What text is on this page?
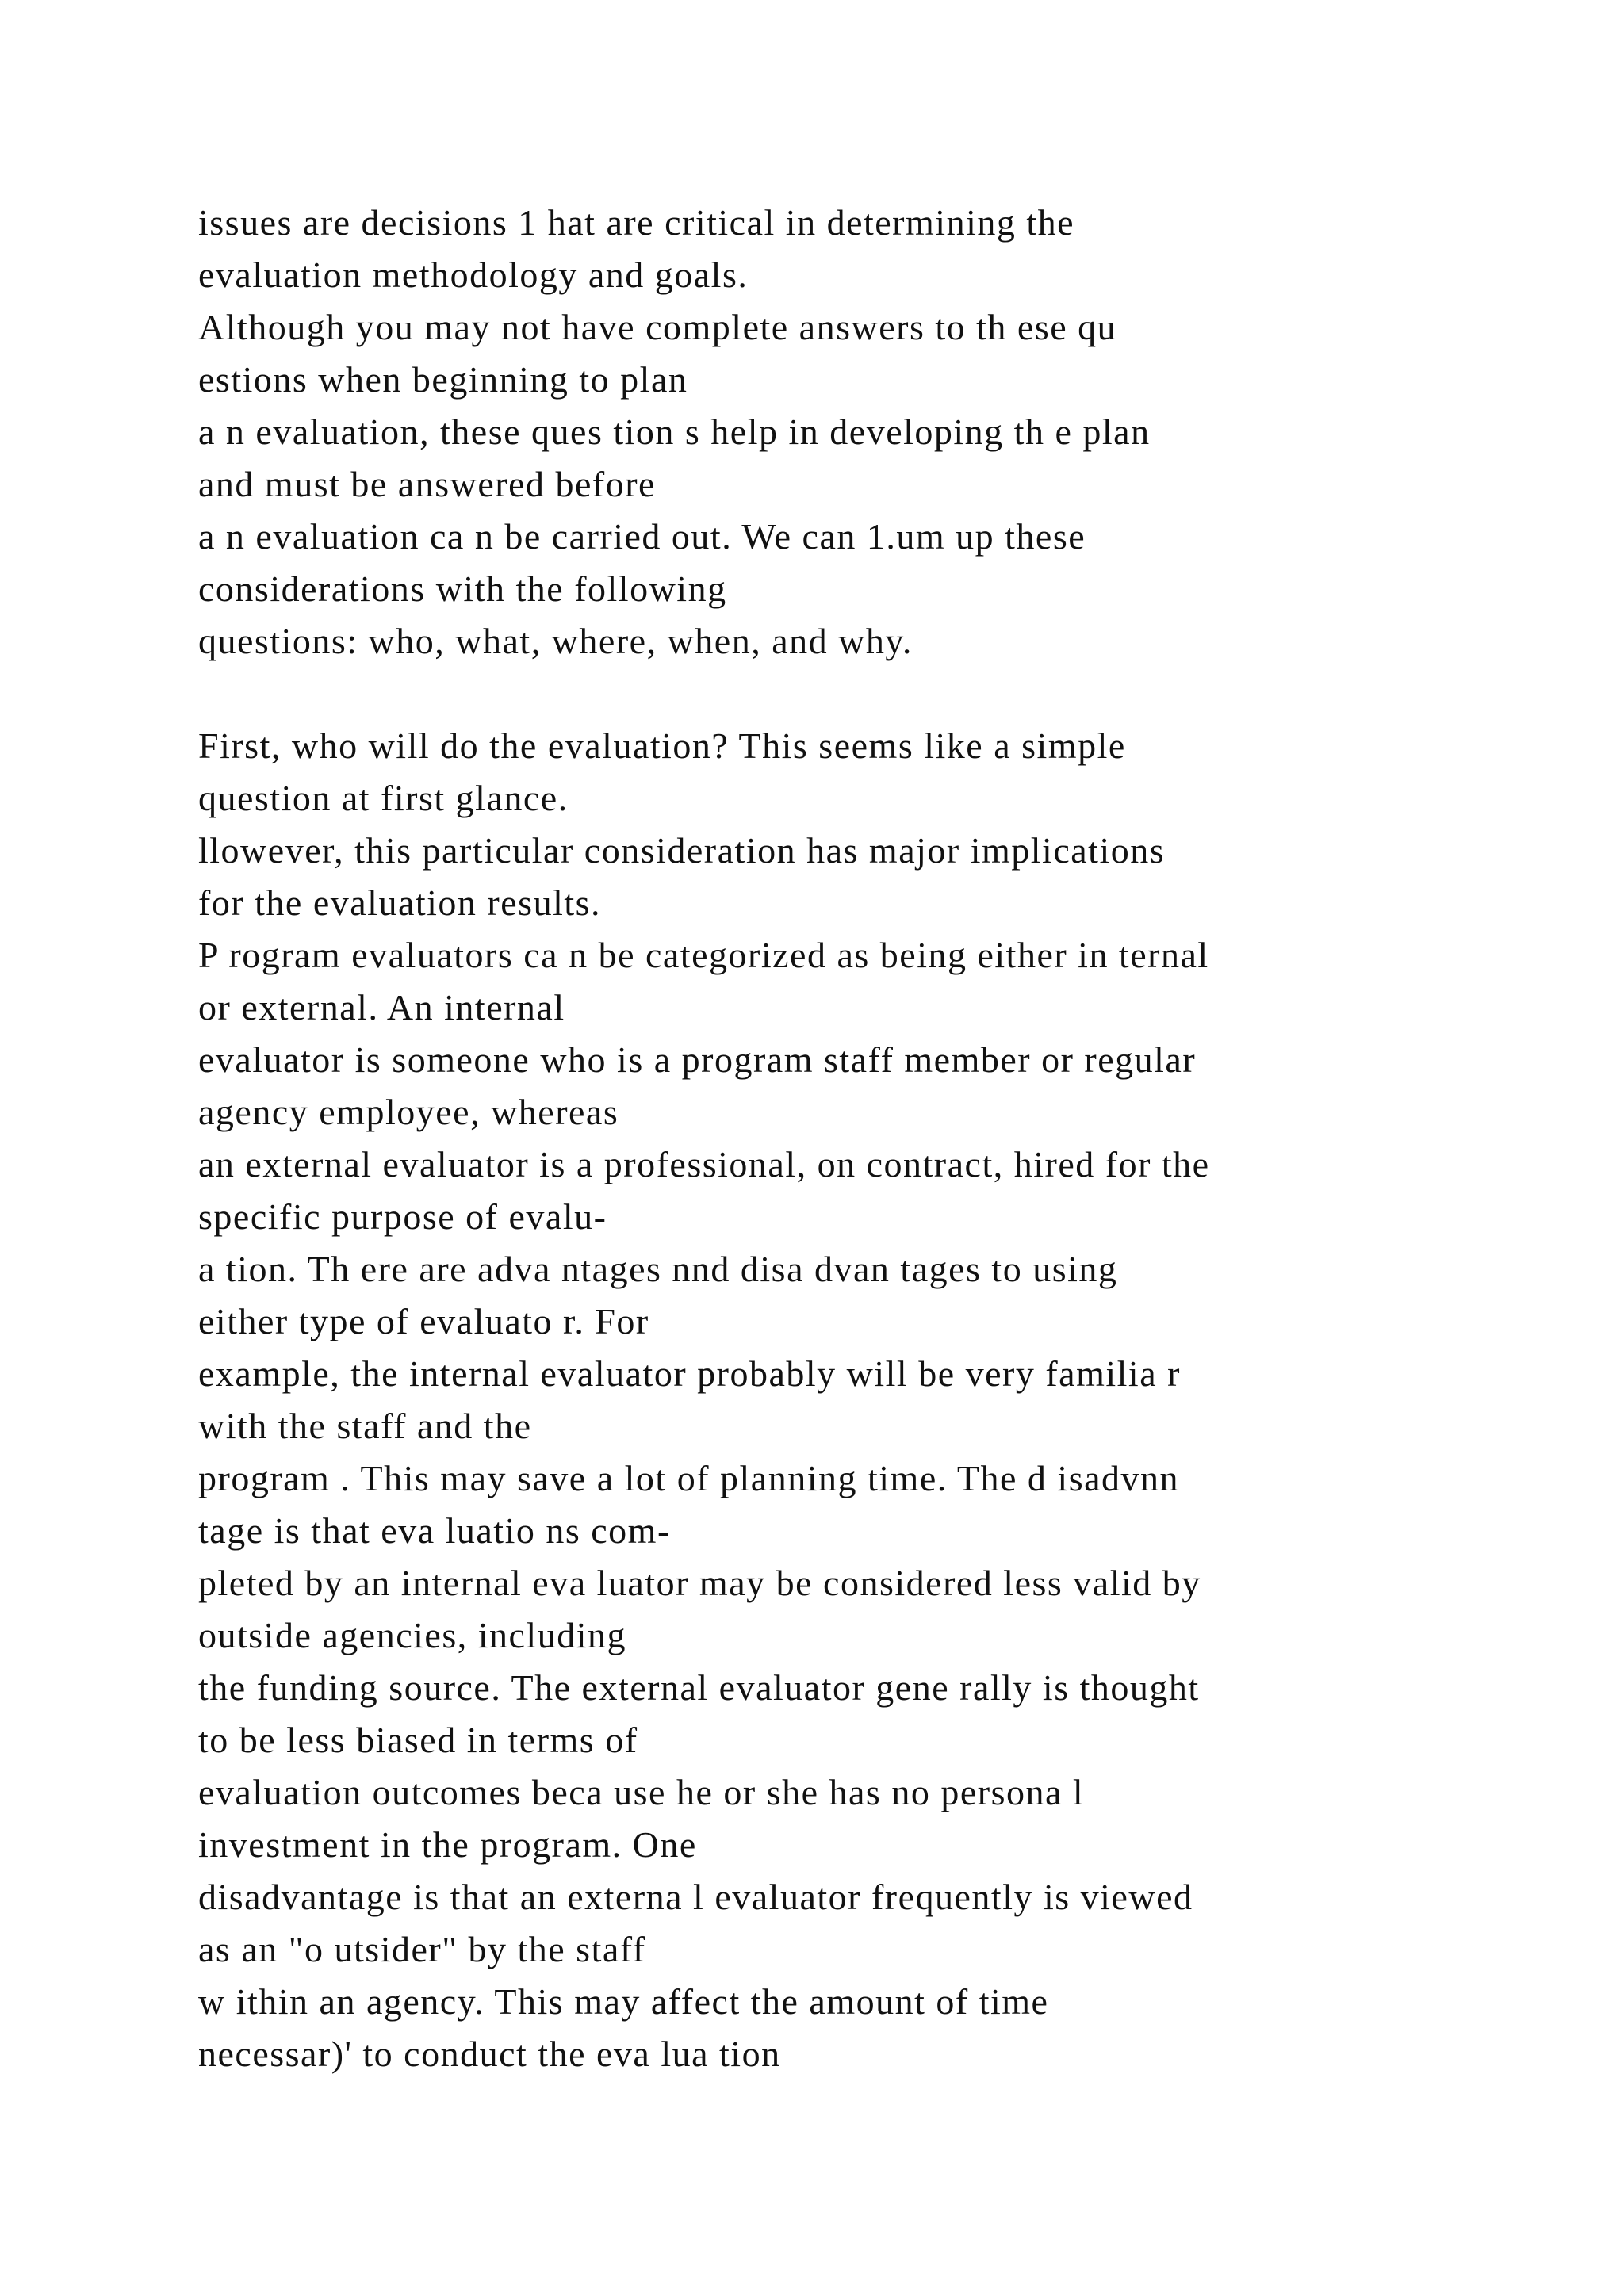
issues are decisions 1 hat are critical in determining the
evaluation methodology and goals.
Although you may not have complete answers to th ese qu
estions when beginning to plan
a n evaluation, these ques tion s help in developing th e plan
and must be answered before
a n evaluation ca n be carried out. We can 1.um up these
considerations with the following
questions: who, what, where, when, and why.
First, who will do the evaluation? This seems like a simple
question at first glance.
llowever, this particular consideration has major implications
for the evaluation results.
P rogram evaluators ca n be categorized as being either in ternal
or external. An internal
evaluator is someone who is a program staff member or regular
agency employee, whereas
an external evaluator is a professional, on contract, hired for the
specific purpose of evalu-
a tion. Th ere are adva ntages nnd disa dvan tages to using
either type of evaluato r. For
example, the internal evaluator probably will be very familia r
with the staff and the
program . This may save a lot of planning time. The d isadvnn
tage is that eva luatio ns com-
pleted by an internal eva luator may be considered less valid by
outside agencies, including
the funding source. The external evaluator gene rally is thought
to be less biased in terms of
evaluation outcomes beca use he or she has no persona l
investment in the program. One
disadvantage is that an externa l evaluator frequently is viewed
as an "o utsider" by the staff
w ithin an agency. This may affect the amount of time
necessar)' to conduct the eva lua tion
